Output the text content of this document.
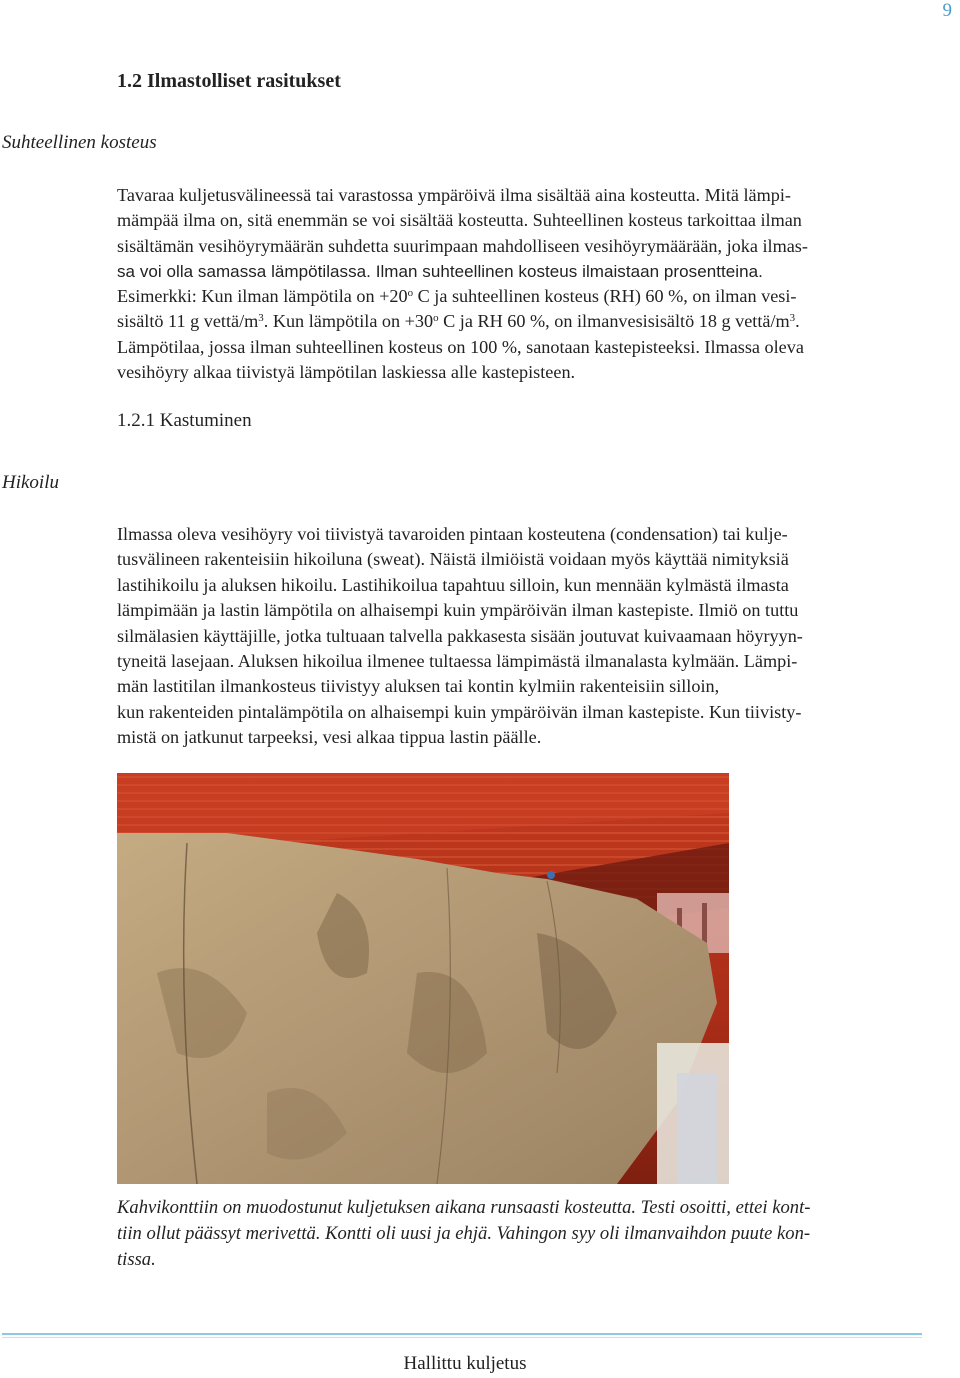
9
1.2 Ilmastolliset rasitukset
Suhteellinen kosteus
Tavaraa kuljetusvälineessä tai varastossa ympäröivä ilma sisältää aina kosteutta. Mitä lämpi-
mämpää ilma on, sitä enemmän se voi sisältää kosteutta. Suhteellinen kosteus tarkoittaa ilman
sisältämän vesihöyrymäärän suhdetta suurimpaan mahdolliseen vesihöyrymäärään, joka ilmas-
sa voi olla samassa lämpötilassa. Ilman suhteellinen kosteus ilmaistaan prosentteina.
Esimerkki: Kun ilman lämpötila on $+20^o$ C ja suhteellinen kosteus (RH) 60 %, on ilman vesi-
sisältö 11 g vettä/$m^3$. Kun lämpötila on $+30^o$ C ja RH 60 %, on ilmanvesisisältö 18 g vettä/$m^3$.
Lämpötilaa, jossa ilman suhteellinen kosteus on 100 %, sanotaan kastepisteeksi. Ilmassa oleva
vesihöyry alkaa tiivistyä lämpötilan laskiessa alle kastepisteen.
1.2.1 Kastuminen
Hikoilu
Ilmassa oleva vesihöyry voi tiivistyä tavaroiden pintaan kosteutena (condensation) tai kulje-
tusvälineen rakenteisiin hikoiluna (sweat). Näistä ilmiöistä voidaan myös käyttää nimityksiä
lastihikoilu ja aluksen hikoilu. Lastihikoilua tapahtuu silloin, kun mennään kylmästä ilmasta
lämpimään ja lastin lämpötila on alhaisempi kuin ympäröivän ilman kastepiste. Ilmiö on tuttu
silmälasien käyttäjille, jotka tultuaan talvella pakkasesta sisään joutuvat kuivaamaan höyryyn-
tyneitä lasejaan. Aluksen hikoilua ilmenee tultaessa lämpimästä ilmanalasta kylmään. Lämpi-
män lastitilan ilmankosteus tiivistyy aluksen tai kontin kylmiin rakenteisiin silloin,
kun rakenteiden pintalämpötila on alhaisempi kuin ympäröivän ilman kastepiste. Kun tiivisty-
mistä on jatkunut tarpeeksi, vesi alkaa tippua lastin päälle.
Kahvikonttiin on muodostunut kuljetuksen aikana runsaasti kosteutta. Testi osoitti, ettei kont-
tiin ollut päässyt merivettä. Kontti oli uusi ja ehjä. Vahingon syy oli ilmanvaihdon puute kon-
tissa.
Hallittu kuljetus
